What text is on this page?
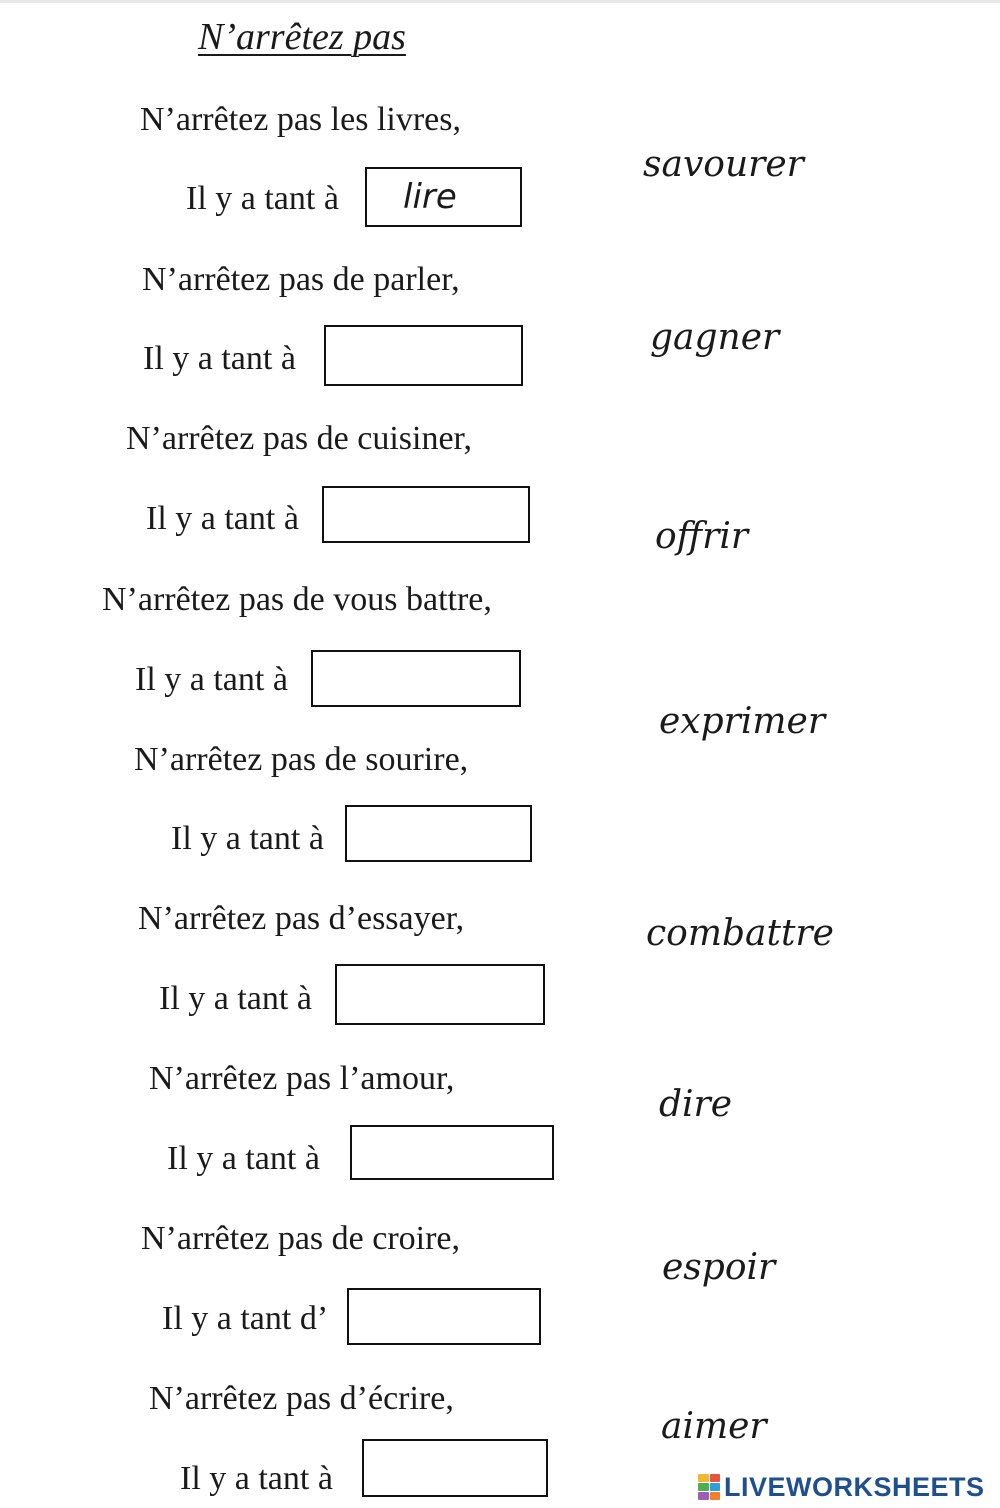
N’arrêtez pas
N’arrêtez pas les livres,
Il y a tant à
lire
N’arrêtez pas de parler,
Il y a tant à
N’arrêtez pas de cuisiner,
Il y a tant à
N’arrêtez pas de vous battre,
Il y a tant à
N’arrêtez pas de sourire,
Il y a tant à
N’arrêtez pas d’essayer,
Il y a tant à
N’arrêtez pas l’amour,
Il y a tant à
N’arrêtez pas de croire,
Il y a tant d’
N’arrêtez pas d’écrire,
Il y a tant à
savourer
gagner
offrir
exprimer
combattre
dire
espoir
aimer
LIVEWORKSHEETS
